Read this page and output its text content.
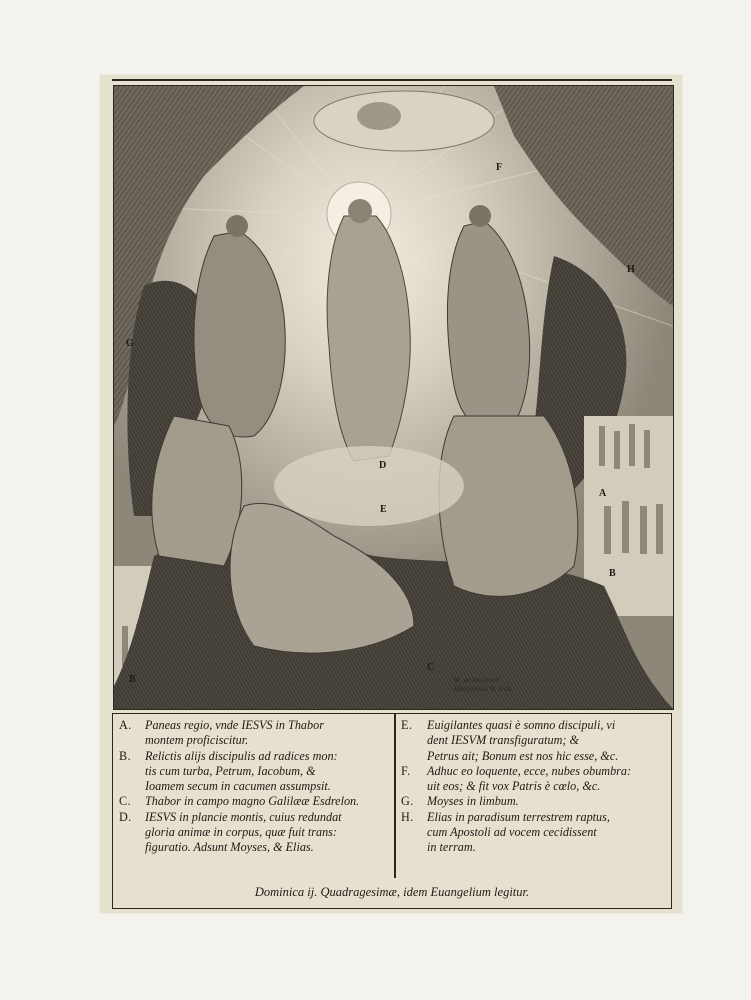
F
H
G
D
A
E
B
C
B	M. de Vos inuen.
Hieronymus W. fecit.
A.	Paneas regio, vnde IESVS in Thabor
montem proficiscitur.
B.	Relictis alijs discipulis ad radices mon:
tis cum turba, Petrum, Iacobum, &
Ioamem secum in cacumen assumpsit.
C.	Thabor in campo magno Galilææ Esdrelon.
D.	IESVS in plancie montis, cuius redundat
gloria animæ in corpus, quæ fuit trans:
figuratio. Adsunt Moyses, & Elias.
E.	Euigilantes quasi è somno discipuli, vi
dent IESVM transfiguratum; &
Petrus ait; Bonum est nos hic esse, &c.
F.	Adhuc eo loquente, ecce, nubes obumbra:
uit eos; & fit vox Patris è cœlo, &c.
G.	Moyses in limbum.
H.	Elias in paradisum terrestrem raptus,
cum Apostoli ad vocem cecidissent
in terram.
Dominica ij. Quadragesimæ, idem Euangelium legitur.
